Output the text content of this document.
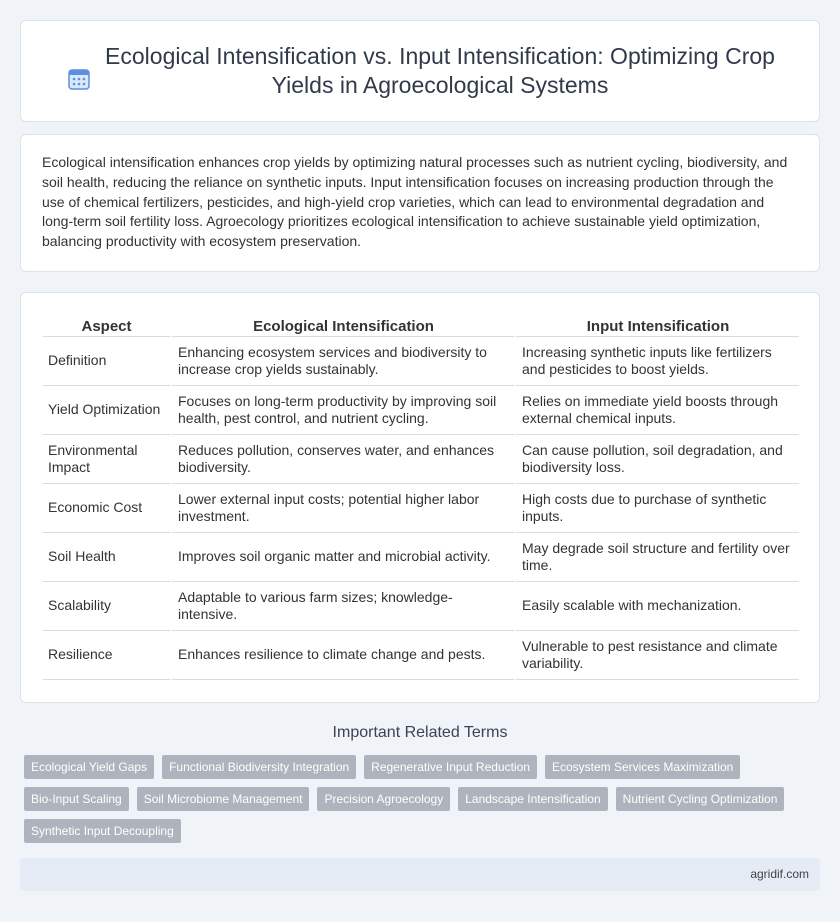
Ecological Intensification vs. Input Intensification: Optimizing Crop Yields in Agroecological Systems

Ecological intensification enhances crop yields by optimizing natural processes such as nutrient cycling, biodiversity, and soil health, reducing the reliance on synthetic inputs. Input intensification focuses on increasing production through the use of chemical fertilizers, pesticides, and high-yield crop varieties, which can lead to environmental degradation and long-term soil fertility loss. Agroecology prioritizes ecological intensification to achieve sustainable yield optimization, balancing productivity with ecosystem preservation.

Aspect	Ecological Intensification	Input Intensification
Definition	Enhancing ecosystem services and biodiversity to increase crop yields sustainably.	Increasing synthetic inputs like fertilizers and pesticides to boost yields.
Yield Optimization	Focuses on long-term productivity by improving soil health, pest control, and nutrient cycling.	Relies on immediate yield boosts through external chemical inputs.
Environmental Impact	Reduces pollution, conserves water, and enhances biodiversity.	Can cause pollution, soil degradation, and biodiversity loss.
Economic Cost	Lower external input costs; potential higher labor investment.	High costs due to purchase of synthetic inputs.
Soil Health	Improves soil organic matter and microbial activity.	May degrade soil structure and fertility over time.
Scalability	Adaptable to various farm sizes; knowledge-intensive.	Easily scalable with mechanization.
Resilience	Enhances resilience to climate change and pests.	Vulnerable to pest resistance and climate variability.
Important Related Terms
Ecological Yield Gaps	Functional Biodiversity Integration	Regenerative Input Reduction	Ecosystem Services Maximization
Bio-Input Scaling	Soil Microbiome Management	Precision Agroecology	Landscape Intensification	Nutrient Cycling Optimization
Synthetic Input Decoupling
agridif.com
